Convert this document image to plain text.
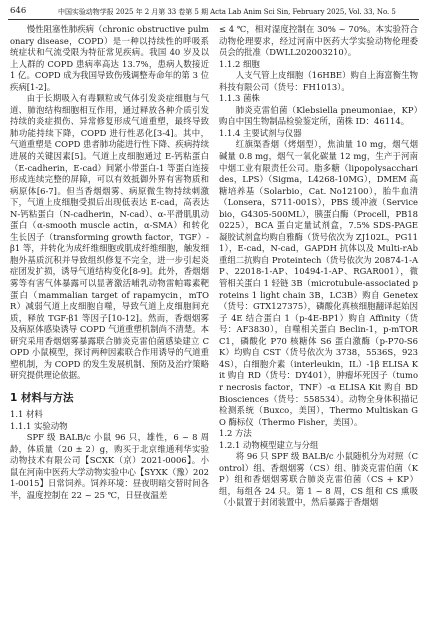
646	中国实验动物学报 2025 年 2 月第 33 卷第 5 期 Acta Lab Anim Sci Sin, February 2025, Vol. 33, No. 5

慢性阻塞性肺疾病（chronic obstructive pulmonary disease，COPD）是一种以持续性的呼吸系统症状和气流受限为特征常见疾病。我国 40 岁及以上人群的 COPD 患病率高达 13.7%，患病人数接近 1 亿。COPD 成为我国导致伤残调整寿命年的第 3 位疾病[1-2]。

由于长期吸入有毒颗粒或气体引发炎症细胞与气道、肺泡结构细胞相互作用，通过释放各种介质引发持续的炎症损伤、异常修复形成气道重塑，最终导致肺功能持续下降，COPD 进行性恶化[3-4]。其中，气道重塑是 COPD 患者肺功能进行性下降、疾病持续进展的关键因素[5]。气道上皮细胞通过 E-钙粘蛋白（E-cadherin，E-cad）间紧小带蛋白-1 等蛋白连接形成连续完整的屏障，可以有效抵御外界有害物质和病原体[6-7]。但当香烟烟雾、病原微生物持续刺激下，气道上皮细胞受损后出现低表达 E-cad，高表达 N-钙粘蛋白（N-cadherin，N-cad）、α-平滑肌肌动蛋白（α-smooth muscle actin，α-SMA）和转化生长因子（transforming growth factor，TGF）-β1 等，并转化为成纤维细胞或肌成纤维细胞，触发细胞外基质沉积并导致组织修复不完全，进一步引起炎症团发扩损，诱导气道结构变化[8-9]。此外，香烟烟雾等有害气体暴露可以显著激活哺乳动物雷帕霉素靶蛋白（mammalian target of rapamycin，mTOR）减弱气道上皮细胞自噬，导致气道上皮细胞间充质，释放 TGF-β1 等因子[10-12]。然而，香烟烟雾及病原体感染诱导 COPD 气道重塑机制尚不清楚。本研究采用香烟烟雾暴露联合肺炎克雷伯菌感染建立 COPD 小鼠模型，探讨两种因素联合作用诱导的气道重塑机制，为 COPD 的发生发展机制、预防及治疗策略研究提供理论依据。

1 材料与方法
1.1 材料
1.1.1 实验动物

SPF 级 BALB/c 小鼠 96 只，雄性，6 ~ 8 周龄，体质量（20 ± 2）g，购买于北京维通利华实验动物技术有限公司【SCXK（京）2021-0006】。小鼠在河南中医药大学动物实验中心【SYXK（豫）2021-0015】日常饲养。饲养环境：昼夜明暗交替时间各半，温度控制在 22 ~ 25 ℃，日昼夜温差

≤ 4 ℃，相对湿度控制在 30% ~ 70%。本实验符合动物伦理要求，经过河南中医药大学实验动物伦理委员会的批准（DWLL202003210）。

1.1.2 细胞

人支气管上皮细胞（16HBE）购自上海富衡生物科技有限公司（货号：FH1013）。

1.1.3 菌株

肺炎克雷伯菌（Klebsiella pneumoniae，KP）购自中国生物制品检验鉴定所，菌株 ID：46114。

1.1.4 主要试剂与仪器

红旗渠香烟（烤烟型），焦油量 10 mg，烟气烟碱量 0.8 mg，烟气一氧化碳量 12 mg，生产于河南中烟工业有限责任公司。脂多糖（lipopolysaccharides，LPS）（Sigma，L4268-10MG），DMEM 高糖培养基（Solarbio，Cat. No12100），胎牛血清（Lonsera，S711-001S），PBS 缓冲液（Servicebio，G4305-500ML），胰蛋白酶（Procell，PB180225），BCA 蛋白定量试剂盒，7.5% SDS-PAGE 凝胶试剂盒均购自雅酶（货号依次为 ZJ102L，PG111），E-cad，N-cad，GAPDH 抗体以及 Multi-rAb 重组二抗购自 Proteintech（货号依次为 20874-1-AP、22018-1-AP、10494-1-AP、RGAR001），微管相关蛋白 1 轻链 3B（microtubule-associated proteins 1 light chain 3B，LC3B）购自 Genetex（货号：GTX127375），磷酸化真核细胞翻译起始因子 4E 结合蛋白 1（p-4E-BP1）购自 Affinity（货号：AF3830），自噬相关蛋白 Beclin-1，p-mTORC1，磷酸化 P70 核糖体 S6 蛋白激酶（p-P70-S6K）均购自 CST（货号依次为 3738，5536S，9234S），白细胞介素（interleukin，IL）-1β ELISA Kit 购自 RD（货号：DY401），肿瘤坏死因子（tumor necrosis factor，TNF）-α ELISA Kit 购自 BD Biosciences（货号：558534）。动物全身体积描记检测系统（Buxco，美国），Thermo Multiskan GO 酶标仪（Thermo Fisher，美国）。

1.2 方法
1.2.1 动物模型建立与分组

将 96 只 SPF 级 BALB/c 小鼠随机分为对照（Control）组、香烟烟雾（CS）组、肺炎克雷伯菌（KP）组和香烟烟雾联合肺炎克雷伯菌（CS + KP）组，每组各 24 只。第 1 ~ 8 周，CS 组和 CS 熏吸（小鼠置于封闭装置中，然后暴露于香烟烟
